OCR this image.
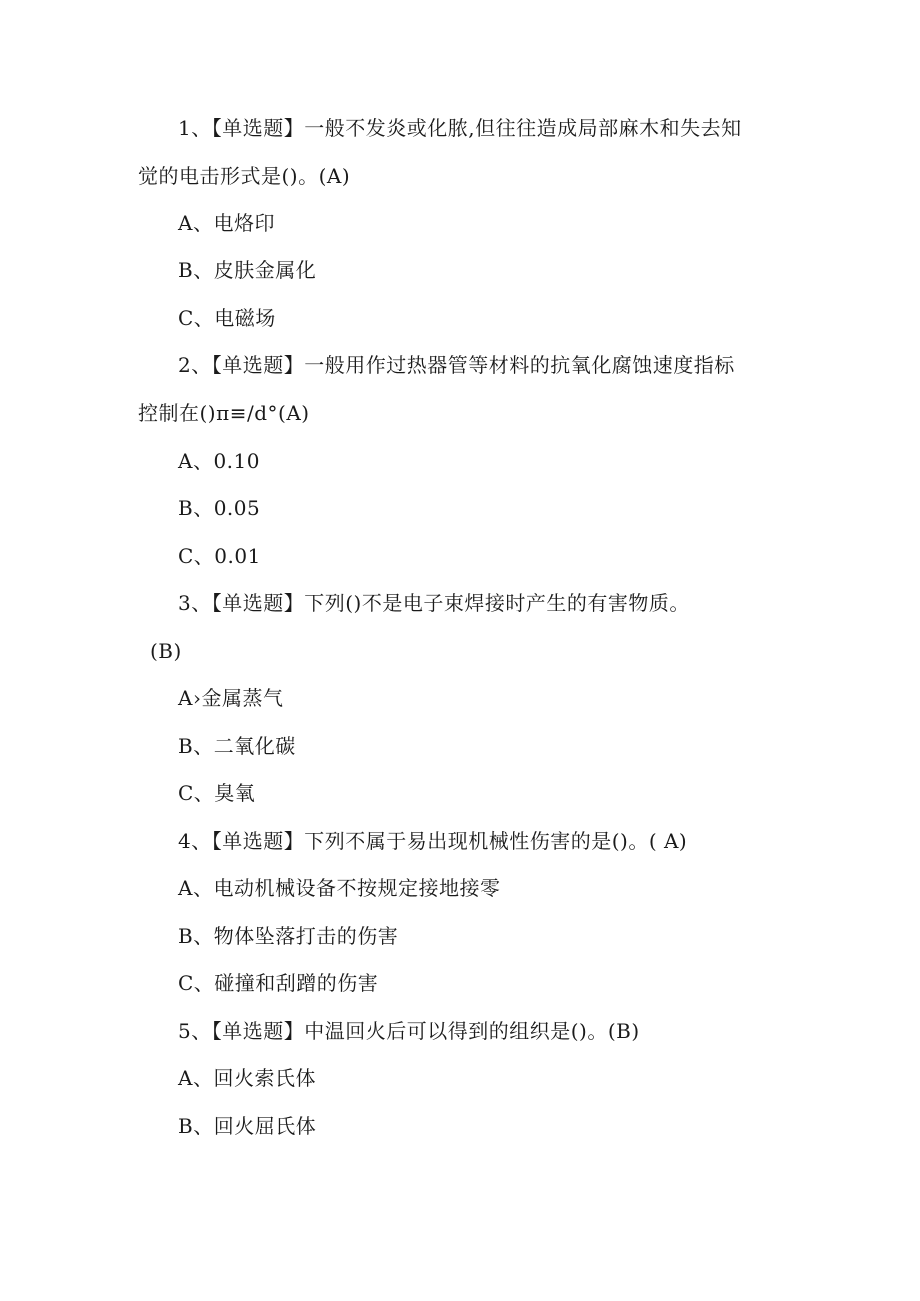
1、【单选题】一般不发炎或化脓,但往往造成局部麻木和失去知
觉的电击形式是()。(A)
A、电烙印
B、皮肤金属化
C、电磁场
2、【单选题】一般用作过热器管等材料的抗氧化腐蚀速度指标
控制在()π≡/d°(A)
A、0.10
B、0.05
C、0.01
3、【单选题】下列()不是电子束焊接时产生的有害物质。
(B)
A›金属蒸气
B、二氧化碳
C、臭氧
4、【单选题】下列不属于易出现机械性伤害的是()。( A)
A、电动机械设备不按规定接地接零
B、物体坠落打击的伤害
C、碰撞和刮蹭的伤害
5、【单选题】中温回火后可以得到的组织是()。(B)
A、回火索氏体
B、回火屈氏体
